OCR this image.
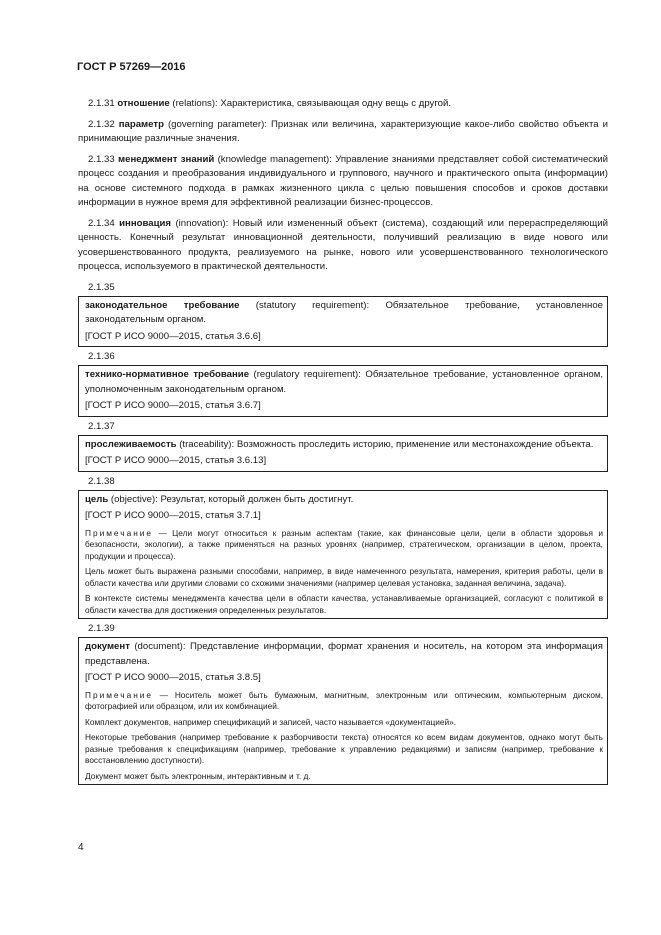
ГОСТ Р 57269—2016

2.1.31 отношение (relations): Характеристика, связывающая одну вещь с другой.

2.1.32 параметр (governing parameter): Признак или величина, характеризующие какое-либо свойство объекта и принимающие различные значения.

2.1.33 менеджмент знаний (knowledge management): Управление знаниями представляет собой систематический процесс создания и преобразования индивидуального и группового, научного и практического опыта (информации) на основе системного подхода в рамках жизненного цикла с целью повышения способов и сроков доставки информации в нужное время для эффективной реализации бизнес-процессов.

2.1.34 инновация (innovation): Новый или измененный объект (система), создающий или перераспределяющий ценность. Конечный результат инновационной деятельности, получивший реализацию в виде нового или усовершенствованного продукта, реализуемого на рынке, нового или усовершенствованного технологического процесса, используемого в практической деятельности.

2.1.35

законодательное требование (statutory requirement): Обязательное требование, установленное законодательным органом.

[ГОСТ Р ИСО 9000—2015, статья 3.6.6]

2.1.36

технико-нормативное требование (regulatory requirement): Обязательное требование, установленное органом, уполномоченным законодательным органом.

[ГОСТ Р ИСО 9000—2015, статья 3.6.7]

2.1.37

прослеживаемость (traceability): Возможность проследить историю, применение или местонахождение объекта.

[ГОСТ Р ИСО 9000—2015, статья 3.6.13]

2.1.38

цель (objective): Результат, который должен быть достигнут.

[ГОСТ Р ИСО 9000—2015, статья 3.7.1]

Примечание — Цели могут относиться к разным аспектам (такие, как финансовые цели, цели в области здоровья и безопасности, экологии), а также применяться на разных уровнях (например, стратегическом, организации в целом, проекта, продукции и процесса).

Цель может быть выражена разными способами, например, в виде намеченного результата, намерения, критерия работы, цели в области качества или другими словами со схожими значениями (например целевая установка, заданная величина, задача).

В контексте системы менеджмента качества цели в области качества, устанавливаемые организацией, согласуют с политикой в области качества для достижения определенных результатов.

2.1.39

документ (document): Представление информации, формат хранения и носитель, на котором эта информация представлена.

[ГОСТ Р ИСО 9000—2015, статья 3.8.5]

Примечание — Носитель может быть бумажным, магнитным, электронным или оптическим, компьютерным диском, фотографией или образцом, или их комбинацией.

Комплект документов, например спецификаций и записей, часто называется «документацией».

Некоторые требования (например требование к разборчивости текста) относятся ко всем видам документов, однако могут быть разные требования к спецификациям (например, требование к управлению редакциями) и записям (например, требование к восстановлению доступности).

Документ может быть электронным, интерактивным и т. д.

4
